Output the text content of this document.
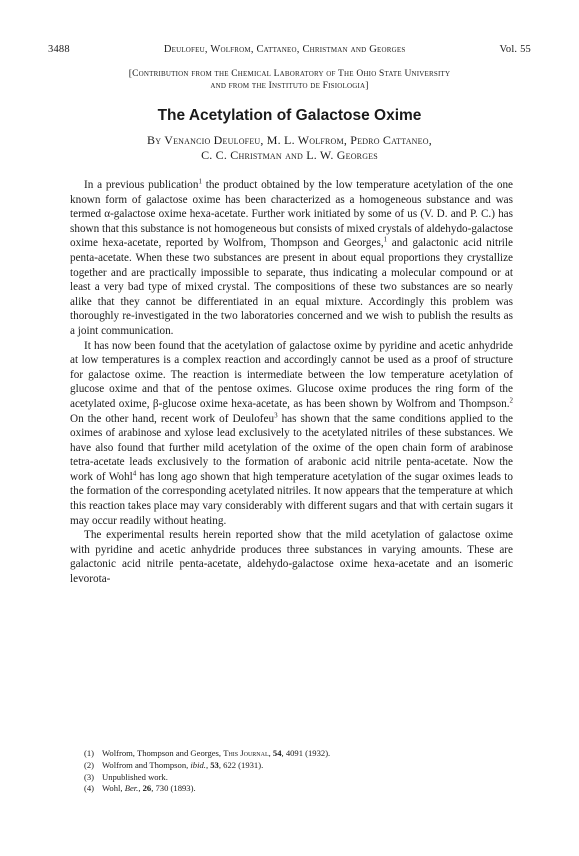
3488	Deulofeu, Wolfrom, Cattaneo, Christman and Georges	Vol. 55
[Contribution from the Chemical Laboratory of The Ohio State University
and from the Instituto de Fisiologia]
The Acetylation of Galactose Oxime
By Venancio Deulofeu, M. L. Wolfrom, Pedro Cattaneo,
C. C. Christman and L. W. Georges

In a previous publication$^1$ the product obtained by the low temperature acetylation of the one known form of galactose oxime has been characterized as a homogeneous substance and was termed α-galactose oxime hexa-acetate. Further work initiated by some of us (V. D. and P. C.) has shown that this substance is not homogeneous but consists of mixed crystals of aldehydo-galactose oxime hexa-acetate, reported by Wolfrom, Thompson and Georges,$^1$ and galactonic acid nitrile penta-acetate. When these two substances are present in about equal proportions they crystallize together and are practically impossible to separate, thus indicating a molecular compound or at least a very bad type of mixed crystal. The compositions of these two substances are so nearly alike that they cannot be differentiated in an equal mixture. Accordingly this problem was thoroughly re-investigated in the two laboratories concerned and we wish to publish the results as a joint communication.

It has now been found that the acetylation of galactose oxime by pyridine and acetic anhydride at low temperatures is a complex reaction and accordingly cannot be used as a proof of structure for galactose oxime. The reaction is intermediate between the low temperature acetylation of glucose oxime and that of the pentose oximes. Glucose oxime produces the ring form of the acetylated oxime, β-glucose oxime hexa-acetate, as has been shown by Wolfrom and Thompson.$^2$ On the other hand, recent work of Deulofeu$^3$ has shown that the same conditions applied to the oximes of arabinose and xylose lead exclusively to the acetylated nitriles of these substances. We have also found that further mild acetylation of the oxime of the open chain form of arabinose tetra-acetate leads exclusively to the formation of arabonic acid nitrile penta-acetate. Now the work of Wohl$^4$ has long ago shown that high temperature acetylation of the sugar oximes leads to the formation of the corresponding acetylated nitriles. It now appears that the temperature at which this reaction takes place may vary considerably with different sugars and that with certain sugars it may occur readily without heating.

The experimental results herein reported show that the mild acetylation of galactose oxime with pyridine and acetic anhydride produces three substances in varying amounts. These are galactonic acid nitrile penta-acetate, aldehydo-galactose oxime hexa-acetate and an isomeric levorota-

(1) Wolfrom, Thompson and Georges, This Journal, 54, 4091 (1932).
(2) Wolfrom and Thompson, ibid., 53, 622 (1931).
(3) Unpublished work.
(4) Wohl, Ber., 26, 730 (1893).
